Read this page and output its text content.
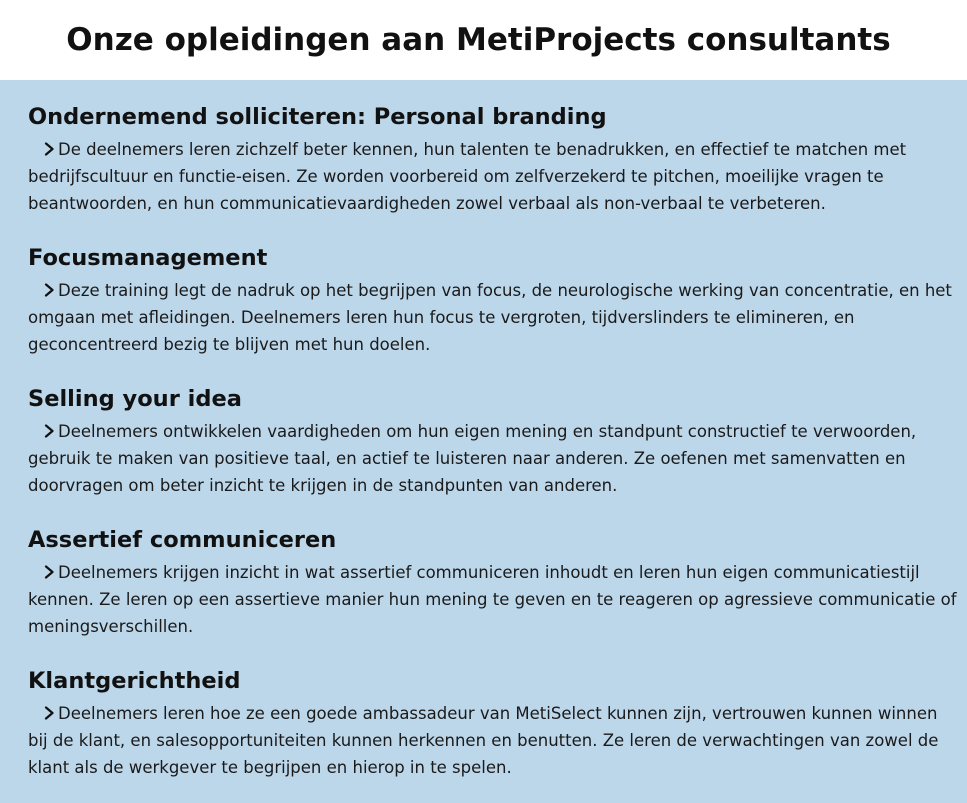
Onze opleidingen aan MetiProjects consultants
Ondernemend solliciteren: Personal branding

De deelnemers leren zichzelf beter kennen, hun talenten te benadrukken, en effectief te matchen met bedrijfscultuur en functie-eisen. Ze worden voorbereid om zelfverzekerd te pitchen, moeilijke vragen te beantwoorden, en hun communicatievaardigheden zowel verbaal als non-verbaal te verbeteren.

Focusmanagement

Deze training legt de nadruk op het begrijpen van focus, de neurologische werking van concentratie, en het omgaan met afleidingen. Deelnemers leren hun focus te vergroten, tijdverslinders te elimineren, en geconcentreerd bezig te blijven met hun doelen.

Selling your idea

Deelnemers ontwikkelen vaardigheden om hun eigen mening en standpunt constructief te verwoorden, gebruik te maken van positieve taal, en actief te luisteren naar anderen. Ze oefenen met samenvatten en doorvragen om beter inzicht te krijgen in de standpunten van anderen.

Assertief communiceren

Deelnemers krijgen inzicht in wat assertief communiceren inhoudt en leren hun eigen communicatiestijl kennen. Ze leren op een assertieve manier hun mening te geven en te reageren op agressieve communicatie of meningsverschillen.

Klantgerichtheid

Deelnemers leren hoe ze een goede ambassadeur van MetiSelect kunnen zijn, vertrouwen kunnen winnen bij de klant, en salesopportuniteiten kunnen herkennen en benutten. Ze leren de verwachtingen van zowel de klant als de werkgever te begrijpen en hierop in te spelen.
